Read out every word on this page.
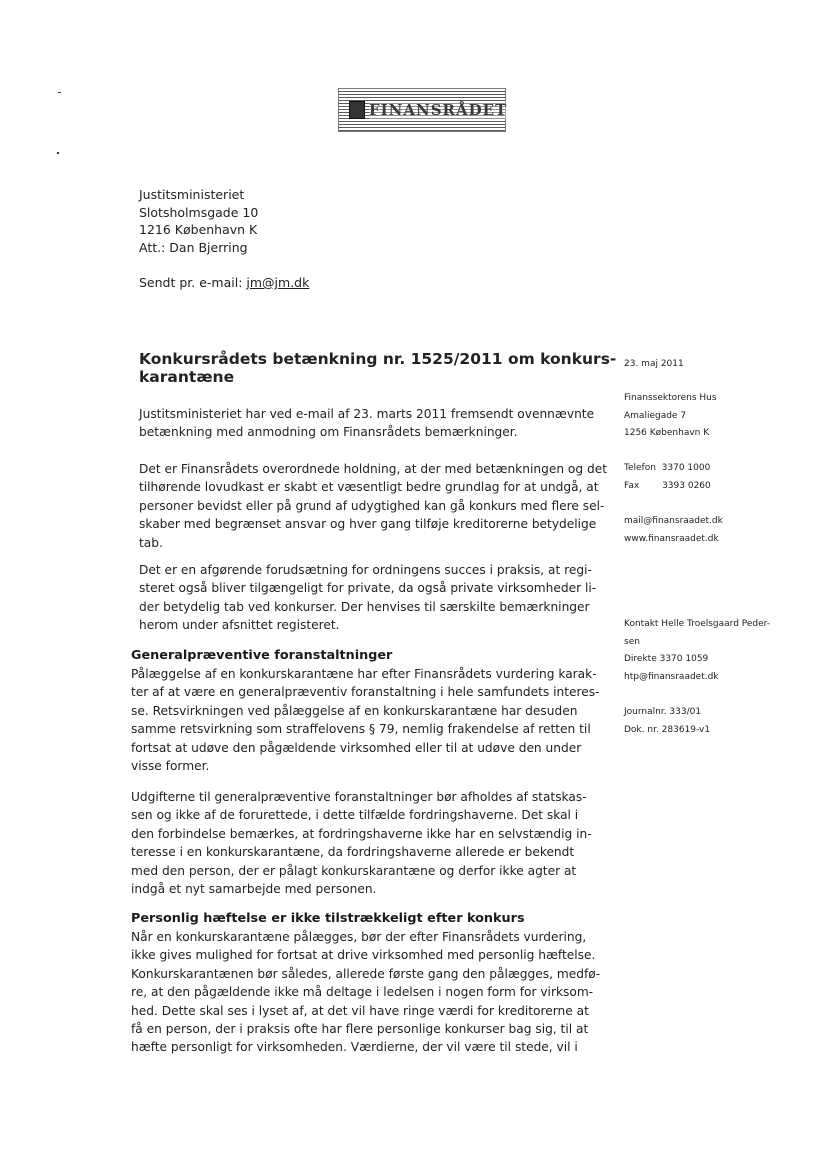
FINANSRÅDET
Justitsministeriet
Slotsholmsgade 10
1216 København K
Att.: Dan Bjerring
Sendt pr. e-mail: jm@jm.dk
Konkursrådets betænkning nr. 1525/2011 om konkurs-
karantæne
Justitsministeriet har ved e-mail af 23. marts 2011 fremsendt ovennævnte
betænkning med anmodning om Finansrådets bemærkninger.
Det er Finansrådets overordnede holdning, at der med betænkningen og det
tilhørende lovudkast er skabt et væsentligt bedre grundlag for at undgå, at
personer bevidst eller på grund af udygtighed kan gå konkurs med flere sel-
skaber med begrænset ansvar og hver gang tilføje kreditorerne betydelige
tab.
Det er en afgørende forudsætning for ordningens succes i praksis, at regi-
steret også bliver tilgængeligt for private, da også private virksomheder li-
der betydelig tab ved konkurser. Der henvises til særskilte bemærkninger
herom under afsnittet registeret.
Generalpræventive foranstaltninger
Pålæggelse af en konkurskarantæne har efter Finansrådets vurdering karak-
ter af at være en generalpræventiv foranstaltning i hele samfundets interes-
se. Retsvirkningen ved pålæggelse af en konkurskarantæne har desuden
samme retsvirkning som straffelovens § 79, nemlig frakendelse af retten til
fortsat at udøve den pågældende virksomhed eller til at udøve den under
visse former.
Udgifterne til generalpræventive foranstaltninger bør afholdes af statskas-
sen og ikke af de forurettede, i dette tilfælde fordringshaverne. Det skal i
den forbindelse bemærkes, at fordringshaverne ikke har en selvstændig in-
teresse i en konkurskarantæne, da fordringshaverne allerede er bekendt
med den person, der er pålagt konkurskarantæne og derfor ikke agter at
indgå et nyt samarbejde med personen.
Personlig hæftelse er ikke tilstrækkeligt efter konkurs
Når en konkurskarantæne pålægges, bør der efter Finansrådets vurdering,
ikke gives mulighed for fortsat at drive virksomhed med personlig hæftelse.
Konkurskarantænen bør således, allerede første gang den pålægges, medfø-
re, at den pågældende ikke må deltage i ledelsen i nogen form for virksom-
hed. Dette skal ses i lyset af, at det vil have ringe værdi for kreditorerne at
få en person, der i praksis ofte har flere personlige konkurser bag sig, til at
hæfte personligt for virksomheden. Værdierne, der vil være til stede, vil i
23. maj 2011
Finanssektorens Hus
Amaliegade 7
1256 København K
Telefon  3370 1000
Fax        3393 0260
mail@finansraadet.dk
www.finansraadet.dk
Kontakt Helle Troelsgaard Peder-
sen
Direkte 3370 1059
htp@finansraadet.dk
Journalnr. 333/01
Dok. nr. 283619-v1
